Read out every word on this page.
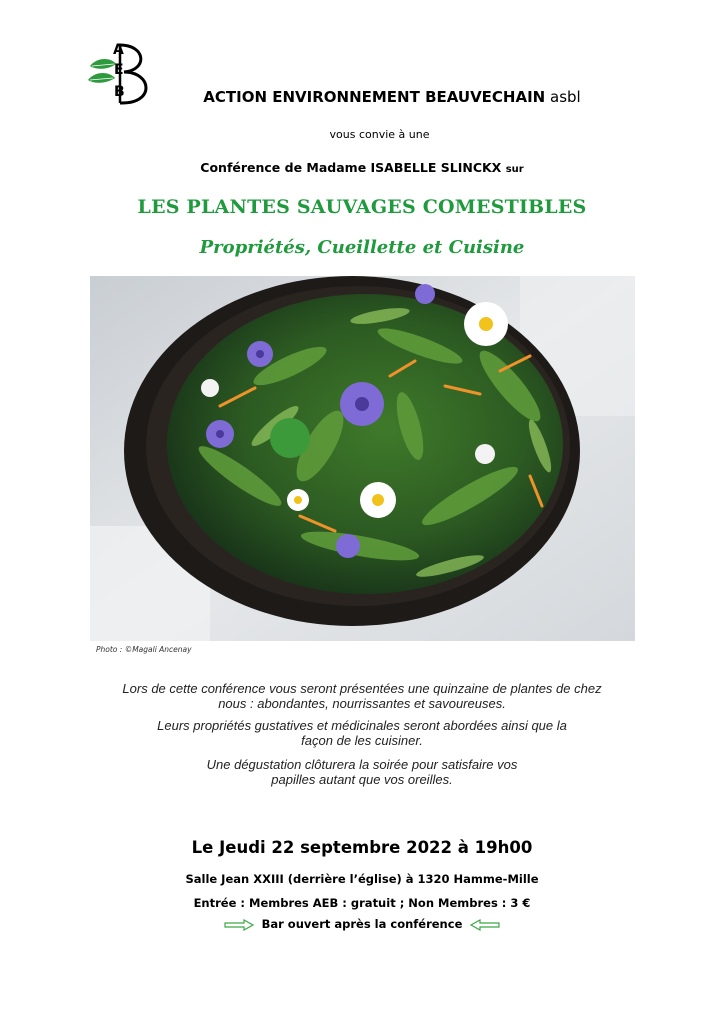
A
E
B	ACTION ENVIRONNEMENT BEAUVECHAIN asbl
vous convie à une
Conférence de Madame ISABELLE SLINCKX sur
LES PLANTES SAUVAGES COMESTIBLES
Propriétés, Cueillette et Cuisine
Photo : ©Magali Ancenay
Lors de cette conférence vous seront présentées une quinzaine de plantes de chez nous : abondantes, nourrissantes et savoureuses.
Leurs propriétés gustatives et médicinales seront abordées ainsi que la façon de les cuisiner.
Une dégustation clôturera la soirée pour satisfaire vos papilles autant que vos oreilles.
Le Jeudi 22 septembre 2022 à 19h00
Salle Jean XXIII (derrière l’église) à 1320 Hamme-Mille
Entrée : Membres AEB : gratuit ; Non Membres : 3 €
Bar ouvert après la conférence
